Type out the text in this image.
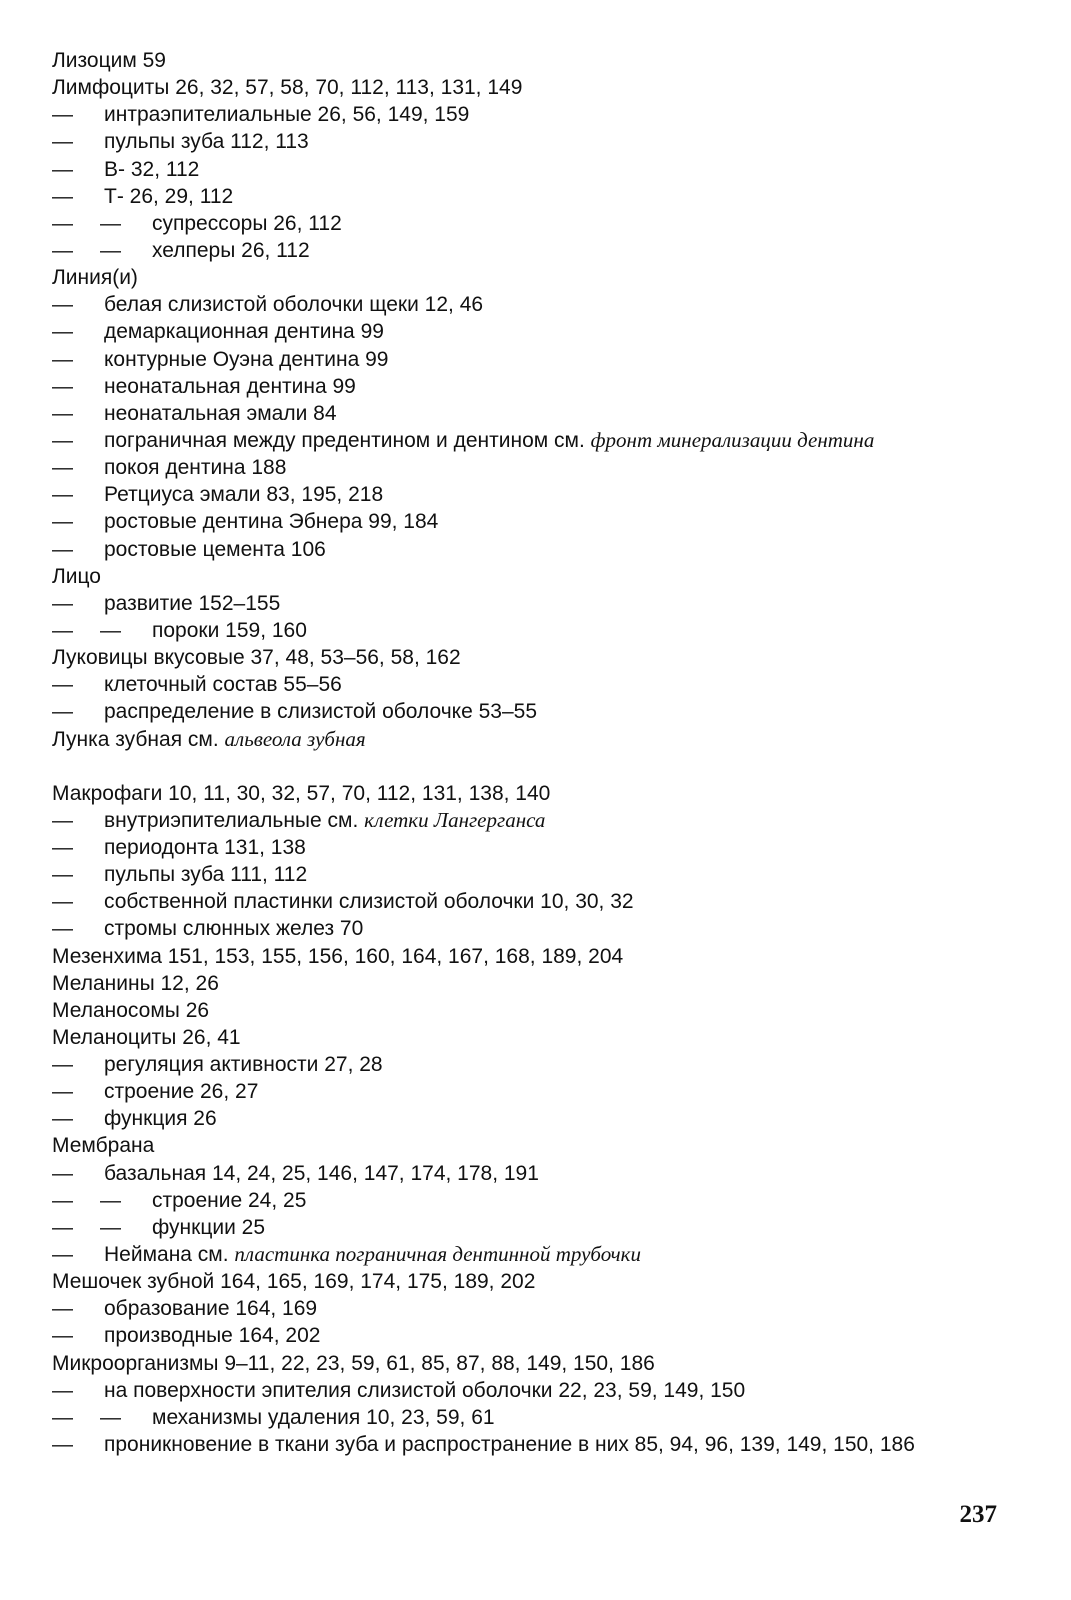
Лизоцим 59
Лимфоциты 26, 32, 57, 58, 70, 112, 113, 131, 149
— интраэпителиальные 26, 56, 149, 159
— пульпы зуба 112, 113
— В- 32, 112
— Т- 26, 29, 112
— — супрессоры 26, 112
— — хелперы 26, 112
Линия(и)
— белая слизистой оболочки щеки 12, 46
— демаркационная дентина 99
— контурные Оуэна дентина 99
— неонатальная дентина 99
— неонатальная эмали 84
— пограничная между предентином и дентином см. фронт минерализации дентина
— покоя дентина 188
— Ретциуса эмали 83, 195, 218
— ростовые дентина Эбнера 99, 184
— ростовые цемента 106
Лицо
— развитие 152–155
— — пороки 159, 160
Луковицы вкусовые 37, 48, 53–56, 58, 162
— клеточный состав 55–56
— распределение в слизистой оболочке 53–55
Лунка зубная см. альвеола зубная
Макрофаги 10, 11, 30, 32, 57, 70, 112, 131, 138, 140
— внутриэпителиальные см. клетки Лангерганса
— периодонта 131, 138
— пульпы зуба 111, 112
— собственной пластинки слизистой оболочки 10, 30, 32
— стромы слюнных желез 70
Мезенхима 151, 153, 155, 156, 160, 164, 167, 168, 189, 204
Меланины 12, 26
Меланосомы 26
Меланоциты 26, 41
— регуляция активности 27, 28
— строение 26, 27
— функция 26
Мембрана
— базальная 14, 24, 25, 146, 147, 174, 178, 191
— — строение 24, 25
— — функции 25
— Неймана см. пластинка пограничная дентинной трубочки
Мешочек зубной 164, 165, 169, 174, 175, 189, 202
— образование 164, 169
— производные 164, 202
Микроорганизмы 9–11, 22, 23, 59, 61, 85, 87, 88, 149, 150, 186
— на поверхности эпителия слизистой оболочки 22, 23, 59, 149, 150
— — механизмы удаления 10, 23, 59, 61
— проникновение в ткани зуба и распространение в них 85, 94, 96, 139, 149, 150, 186
237
